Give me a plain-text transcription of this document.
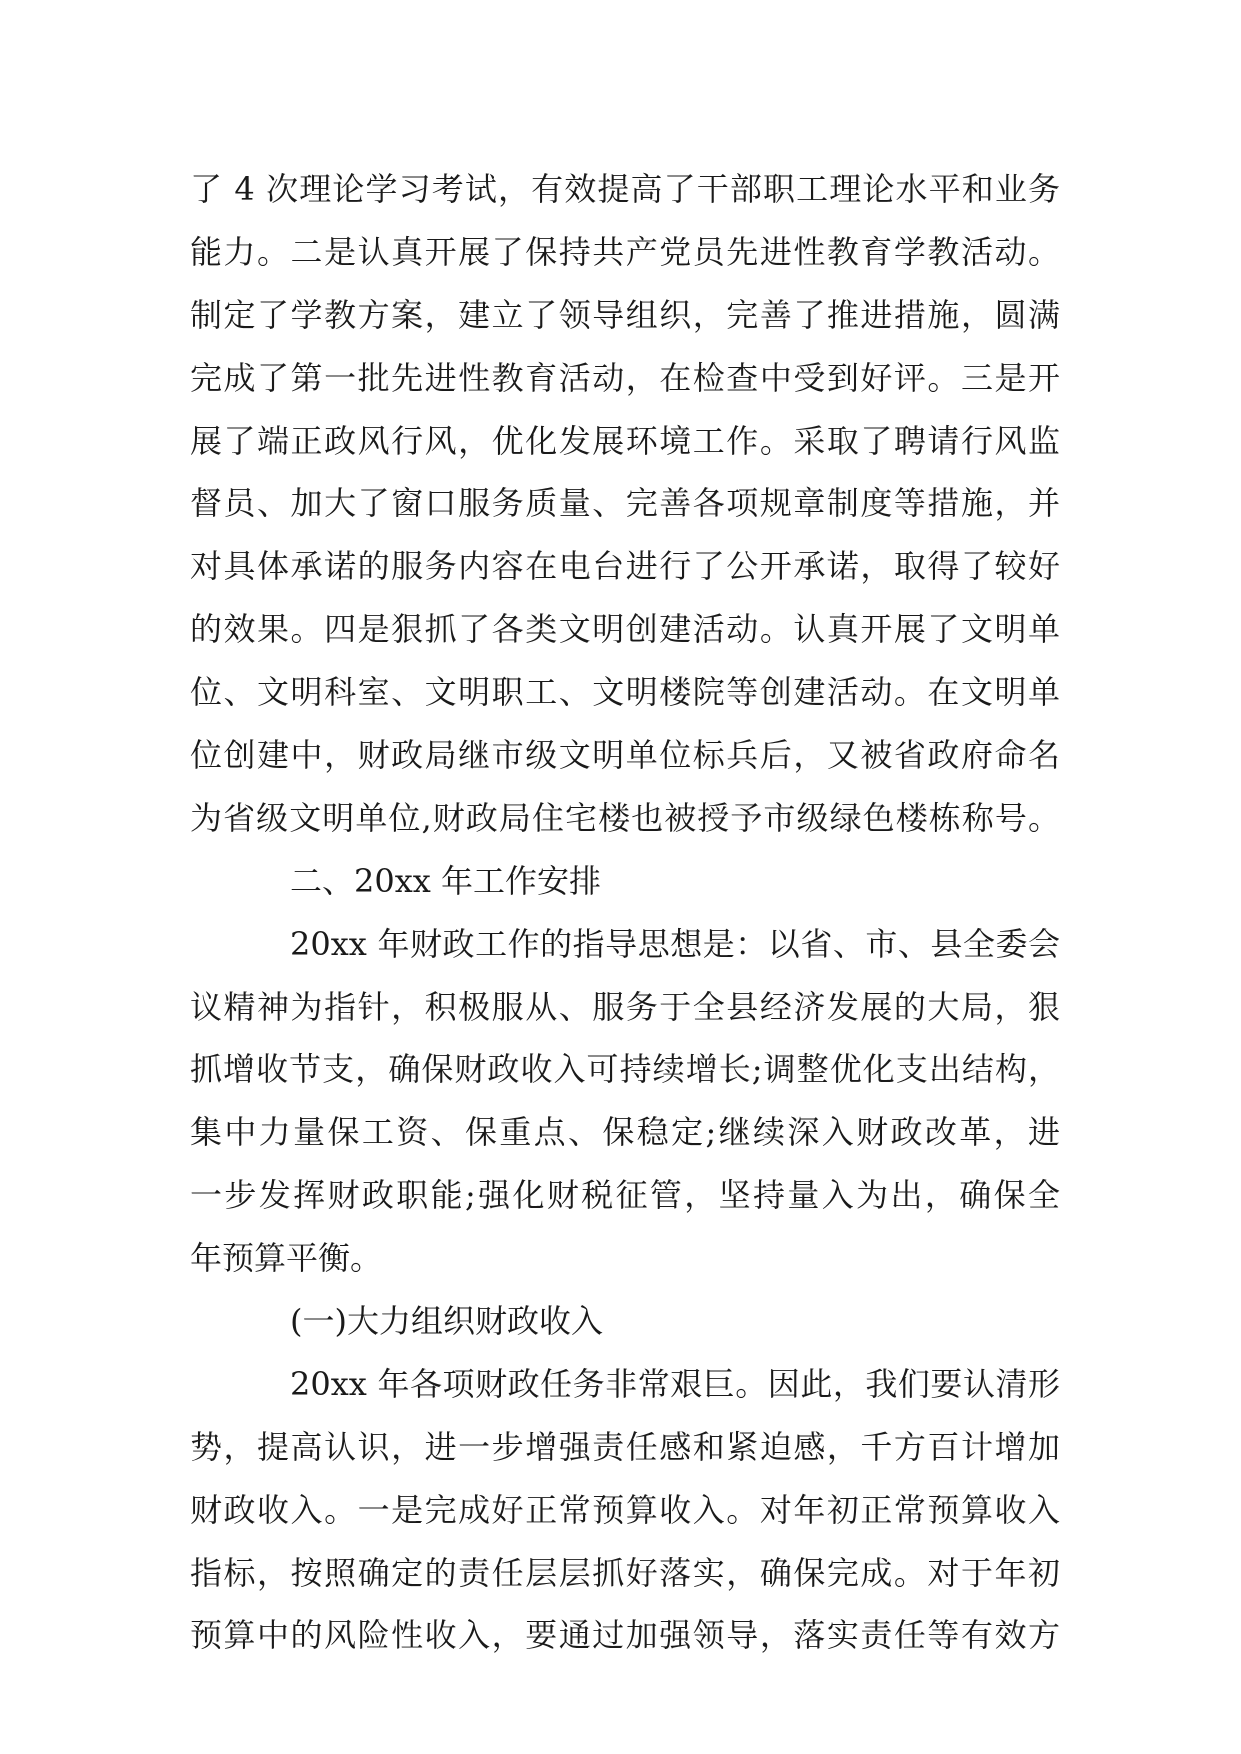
了 4 次理论学习考试，有效提高了干部职工理论水平和业务
能力。二是认真开展了保持共产党员先进性教育学教活动。
制定了学教方案，建立了领导组织，完善了推进措施，圆满
完成了第一批先进性教育活动，在检查中受到好评。三是开
展了端正政风行风，优化发展环境工作。采取了聘请行风监
督员、加大了窗口服务质量、完善各项规章制度等措施，并
对具体承诺的服务内容在电台进行了公开承诺，取得了较好
的效果。四是狠抓了各类文明创建活动。认真开展了文明单
位、文明科室、文明职工、文明楼院等创建活动。在文明单
位创建中，财政局继市级文明单位标兵后，又被省政府命名
为省级文明单位,财政局住宅楼也被授予市级绿色楼栋称号。
二、20xx 年工作安排
20xx 年财政工作的指导思想是：以省、市、县全委会
议精神为指针，积极服从、服务于全县经济发展的大局，狠
抓增收节支，确保财政收入可持续增长;调整优化支出结构，
集中力量保工资、保重点、保稳定;继续深入财政改革，进
一步发挥财政职能;强化财税征管，坚持量入为出，确保全
年预算平衡。
(一)大力组织财政收入
20xx 年各项财政任务非常艰巨。因此，我们要认清形
势，提高认识，进一步增强责任感和紧迫感，千方百计增加
财政收入。一是完成好正常预算收入。对年初正常预算收入
指标，按照确定的责任层层抓好落实，确保完成。对于年初
预算中的风险性收入，要通过加强领导，落实责任等有效方
